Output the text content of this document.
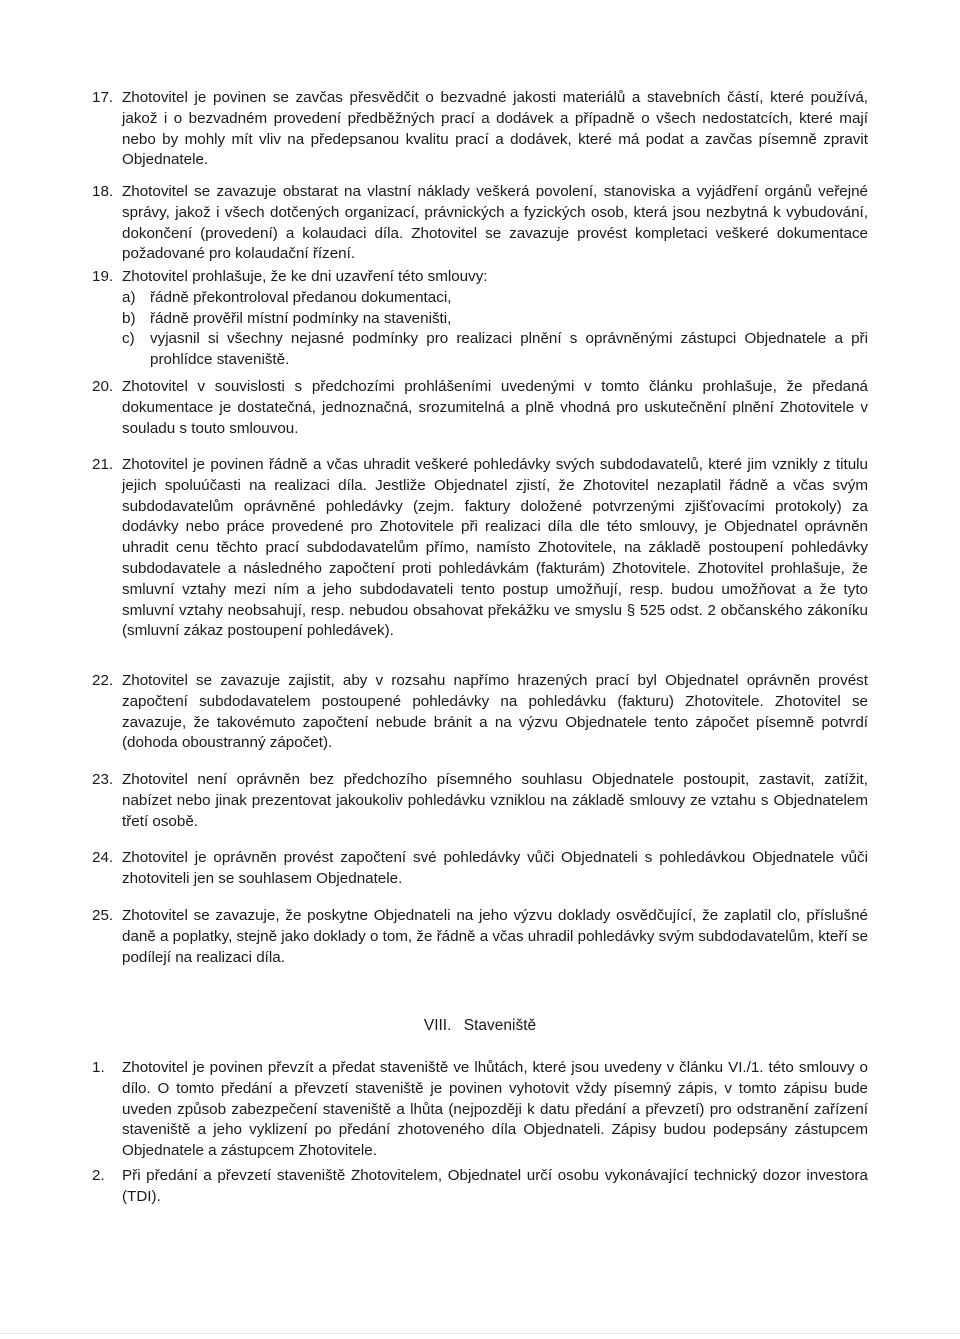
17. Zhotovitel je povinen se zavčas přesvědčit o bezvadné jakosti materiálů a stavebních částí, které používá, jakož i o bezvadném provedení předběžných prací a dodávek a případně o všech nedostatcích, které mají nebo by mohly mít vliv na předepsanou kvalitu prací a dodávek, které má podat a zavčas písemně zpravit Objednatele.
18. Zhotovitel se zavazuje obstarat na vlastní náklady veškerá povolení, stanoviska a vyjádření orgánů veřejné správy, jakož i všech dotčených organizací, právnických a fyzických osob, která jsou nezbytná k vybudování, dokončení (provedení) a kolaudaci díla. Zhotovitel se zavazuje provést kompletaci veškeré dokumentace požadované pro kolaudační řízení.
19. Zhotovitel prohlašuje, že ke dni uzavření této smlouvy:
a) řádně překontroloval předanou dokumentaci,
b) řádně prověřil místní podmínky na staveništi,
c)	vyjasnil si všechny nejasné podmínky pro realizaci plnění s oprávněnými zástupci Objednatele a při prohlídce staveniště.
20. Zhotovitel v souvislosti s předchozími prohlášeními uvedenými v tomto článku prohlašuje, že předaná dokumentace je dostatečná, jednoznačná, srozumitelná a plně vhodná pro uskutečnění plnění Zhotovitele v souladu s touto smlouvou.
21. Zhotovitel je povinen řádně a včas uhradit veškeré pohledávky svých subdodavatelů, které jim vznikly z titulu jejich spoluúčasti na realizaci díla. Jestliže Objednatel zjistí, že Zhotovitel nezaplatil řádně a včas svým subdodavatelům oprávněné pohledávky (zejm. faktury doložené potvrzenými zjišťovacími protokoly) za dodávky nebo práce provedené pro Zhotovitele při realizaci díla dle této smlouvy, je Objednatel oprávněn uhradit cenu těchto prací subdodavatelům přímo, namísto Zhotovitele, na základě postoupení pohledávky subdodavatele a následného započtení proti pohledávkám (fakturám) Zhotovitele. Zhotovitel prohlašuje, že smluvní vztahy mezi ním a jeho subdodavateli tento postup umožňují, resp. budou umožňovat a že tyto smluvní vztahy neobsahují, resp. nebudou obsahovat překážku ve smyslu § 525 odst. 2 občanského zákoníku (smluvní zákaz postoupení pohledávek).
22. Zhotovitel se zavazuje zajistit, aby v rozsahu napřímo hrazených prací byl Objednatel oprávněn provést započtení subdodavatelem postoupené pohledávky na pohledávku (fakturu) Zhotovitele. Zhotovitel se zavazuje, že takovémuto započtení nebude bránit a na výzvu Objednatele tento zápočet písemně potvrdí (dohoda oboustranný zápočet).
23. Zhotovitel není oprávněn bez předchozího písemného souhlasu Objednatele postoupit, zastavit, zatížit, nabízet nebo jinak prezentovat jakoukoliv pohledávku vzniklou na základě smlouvy ze vztahu s Objednatelem třetí osobě.
24. Zhotovitel je oprávněn provést započtení své pohledávky vůči Objednateli s pohledávkou Objednatele vůči zhotoviteli jen se souhlasem Objednatele.
25. Zhotovitel se zavazuje, že poskytne Objednateli na jeho výzvu doklady osvědčující, že zaplatil clo, příslušné daně a poplatky, stejně jako doklady o tom, že řádně a včas uhradil pohledávky svým subdodavatelům, kteří se podílejí na realizaci díla.
VIII. Staveniště
1.	Zhotovitel je povinen převzít a předat staveniště ve lhůtách, které jsou uvedeny v článku VI./1. této smlouvy o dílo. O tomto předání a převzetí staveniště je povinen vyhotovit vždy písemný zápis, v tomto zápisu bude uveden způsob zabezpečení staveniště a lhůta (nejpozději k datu předání a převzetí) pro odstranění zařízení staveniště a jeho vyklizení po předání zhotoveného díla Objednateli. Zápisy budou podepsány zástupcem Objednatele a zástupcem Zhotovitele.
2.	Při předání a převzetí staveniště Zhotovitelem, Objednatel určí osobu vykonávající technický dozor investora (TDI).
